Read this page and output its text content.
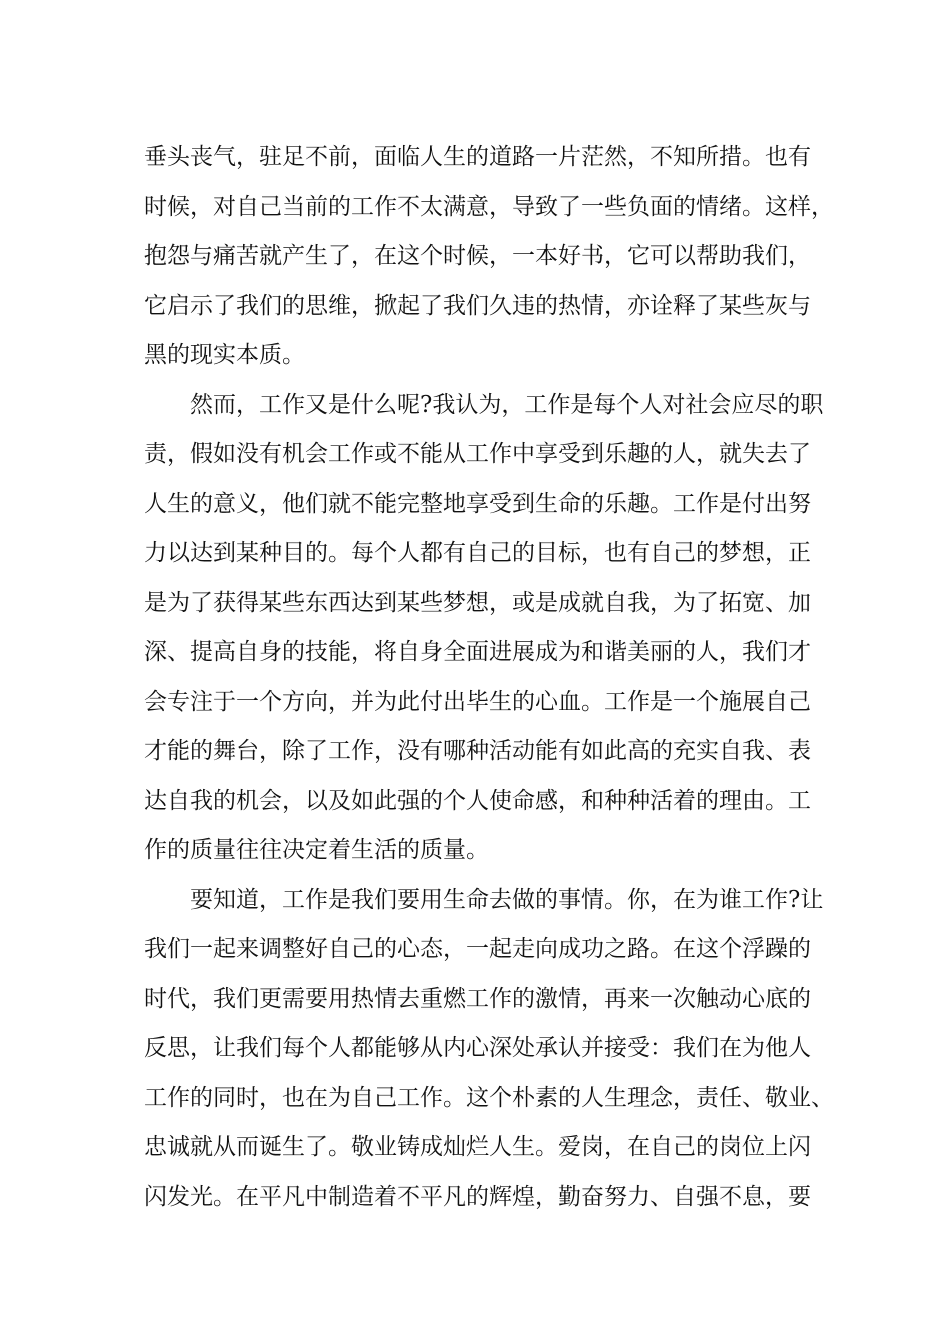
垂头丧气，驻足不前，面临人生的道路一片茫然，不知所措。也有
时候，对自己当前的工作不太满意，导致了一些负面的情绪。这样，
抱怨与痛苦就产生了，在这个时候，一本好书，它可以帮助我们，
它启示了我们的思维，掀起了我们久违的热情，亦诠释了某些灰与
黑的现实本质。
然而，工作又是什么呢?我认为，工作是每个人对社会应尽的职
责，假如没有机会工作或不能从工作中享受到乐趣的人，就失去了
人生的意义，他们就不能完整地享受到生命的乐趣。工作是付出努
力以达到某种目的。每个人都有自己的目标，也有自己的梦想，正
是为了获得某些东西达到某些梦想，或是成就自我，为了拓宽、加
深、提高自身的技能，将自身全面进展成为和谐美丽的人，我们才
会专注于一个方向，并为此付出毕生的心血。工作是一个施展自己
才能的舞台，除了工作，没有哪种活动能有如此高的充实自我、表
达自我的机会，以及如此强的个人使命感，和种种活着的理由。工
作的质量往往决定着生活的质量。
要知道，工作是我们要用生命去做的事情。你，在为谁工作?让
我们一起来调整好自己的心态，一起走向成功之路。在这个浮躁的
时代，我们更需要用热情去重燃工作的激情，再来一次触动心底的
反思，让我们每个人都能够从内心深处承认并接受：我们在为他人
工作的同时，也在为自己工作。这个朴素的人生理念，责任、敬业、
忠诚就从而诞生了。敬业铸成灿烂人生。爱岗，在自己的岗位上闪
闪发光。在平凡中制造着不平凡的辉煌，勤奋努力、自强不息，要
